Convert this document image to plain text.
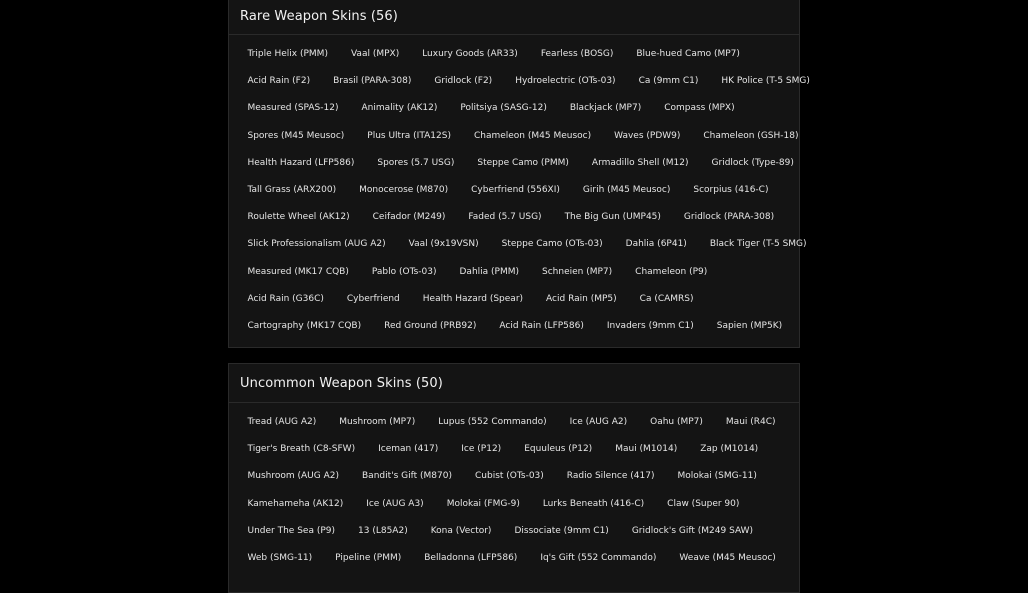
Rare Weapon Skins (56)
Triple Helix (PMM)	Vaal (MPX)	Luxury Goods (AR33)	Fearless (BOSG)	Blue-hued Camo (MP7)
Acid Rain (F2)	Brasil (PARA-308)	Gridlock (F2)	Hydroelectric (OTs-03)	Ca (9mm C1)	HK Police (T-5 SMG)
Measured (SPAS-12)	Animality (AK12)	Politsiya (SASG-12)	Blackjack (MP7)	Compass (MPX)
Spores (M45 Meusoc)	Plus Ultra (ITA12S)	Chameleon (M45 Meusoc)	Waves (PDW9)	Chameleon (GSH-18)
Health Hazard (LFP586)	Spores (5.7 USG)	Steppe Camo (PMM)	Armadillo Shell (M12)	Gridlock (Type-89)
Tall Grass (ARX200)	Monocerose (M870)	Cyberfriend (556XI)	Girih (M45 Meusoc)	Scorpius (416-C)
Roulette Wheel (AK12)	Ceifador (M249)	Faded (5.7 USG)	The Big Gun (UMP45)	Gridlock (PARA-308)
Slick Professionalism (AUG A2)	Vaal (9x19VSN)	Steppe Camo (OTs-03)	Dahlia (6P41)	Black Tiger (T-5 SMG)
Measured (MK17 CQB)	Pablo (OTs-03)	Dahlia (PMM)	Schneien (MP7)	Chameleon (P9)
Acid Rain (G36C)	Cyberfriend	Health Hazard (Spear)	Acid Rain (MP5)	Ca (CAMRS)
Cartography (MK17 CQB)	Red Ground (PRB92)	Acid Rain (LFP586)	Invaders (9mm C1)	Sapien (MP5K)
Uncommon Weapon Skins (50)
Tread (AUG A2)	Mushroom (MP7)	Lupus (552 Commando)	Ice (AUG A2)	Oahu (MP7)	Maui (R4C)
Tiger's Breath (C8-SFW)	Iceman (417)	Ice (P12)	Equuleus (P12)	Maui (M1014)	Zap (M1014)
Mushroom (AUG A2)	Bandit's Gift (M870)	Cubist (OTs-03)	Radio Silence (417)	Molokai (SMG-11)
Kamehameha (AK12)	Ice (AUG A3)	Molokai (FMG-9)	Lurks Beneath (416-C)	Claw (Super 90)
Under The Sea (P9)	13 (L85A2)	Kona (Vector)	Dissociate (9mm C1)	Gridlock's Gift (M249 SAW)
Web (SMG-11)	Pipeline (PMM)	Belladonna (LFP586)	Iq's Gift (552 Commando)	Weave (M45 Meusoc)
